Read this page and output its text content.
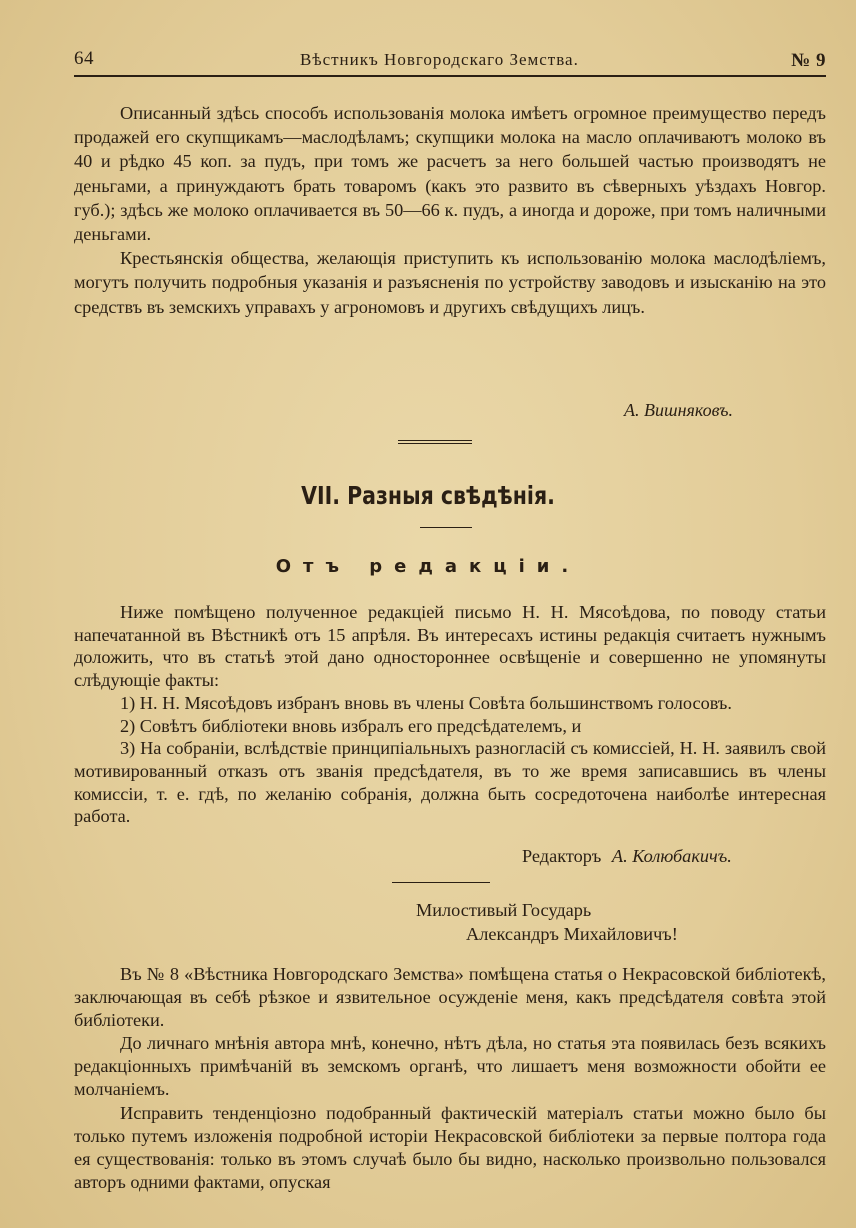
64	Вѣстникъ Новгородскаго Земства.	№ 9

Описанный здѣсь способъ использованія молока имѣетъ огромное преимущество передъ продажей его скупщикамъ—маслодѣламъ; скупщики молока на масло оплачиваютъ молоко въ 40 и рѣдко 45 коп. за пудъ, при томъ же расчетъ за него большей частью производятъ не деньгами, а принуждаютъ брать товаромъ (какъ это развито въ сѣверныхъ уѣздахъ Новгор. губ.); здѣсь же молоко оплачивается въ 50—66 к. пудъ, а иногда и дороже, при томъ наличными деньгами.

Крестьянскія общества, желающія приступить къ использованію молока маслодѣліемъ, могутъ получить подробныя указанія и разъясненія по устройству заводовъ и изысканію на это средствъ въ земскихъ управахъ у агрономовъ и другихъ свѣдущихъ лицъ.

А. Вишняковъ.
VII. Разныя свѣдѣнія.
Отъ редакціи.

Ниже помѣщено полученное редакціей письмо Н. Н. Мясоѣдова, по поводу статьи напечатанной въ Вѣстникѣ отъ 15 апрѣля. Въ интересахъ истины редакція считаетъ нужнымъ доложить, что въ статьѣ этой дано одностороннее освѣщеніе и совершенно не упомянуты слѣдующіе факты:

1) Н. Н. Мясоѣдовъ избранъ вновь въ члены Совѣта большинствомъ голосовъ.

2) Совѣтъ библіотеки вновь избралъ его предсѣдателемъ, и

3) На собраніи, вслѣдствіе принципіальныхъ разногласій съ комиссіей, Н. Н. заявилъ свой мотивированный отказъ отъ званія предсѣдателя, въ то же время записавшись въ члены комиссіи, т. е. гдѣ, по желанію собранія, должна быть сосредоточена наиболѣе интересная работа.

Редакторъ А. Колюбакичъ.
Милостивый Государь
Александръ Михайловичъ!

Въ № 8 «Вѣстника Новгородскаго Земства» помѣщена статья о Некрасовской библіотекѣ, заключающая въ себѣ рѣзкое и язвительное осужденіе меня, какъ предсѣдателя совѣта этой библіотеки.

До личнаго мнѣнія автора мнѣ, конечно, нѣтъ дѣла, но статья эта появилась безъ всякихъ редакціонныхъ примѣчаній въ земскомъ органѣ, что лишаетъ меня возможности обойти ее молчаніемъ.

Исправить тенденціозно подобранный фактическій матеріалъ статьи можно было бы только путемъ изложенія подробной исторіи Некрасовской библіотеки за первые полтора года ея существованія: только въ этомъ случаѣ было бы видно, насколько произвольно пользовался авторъ одними фактами, опуская
